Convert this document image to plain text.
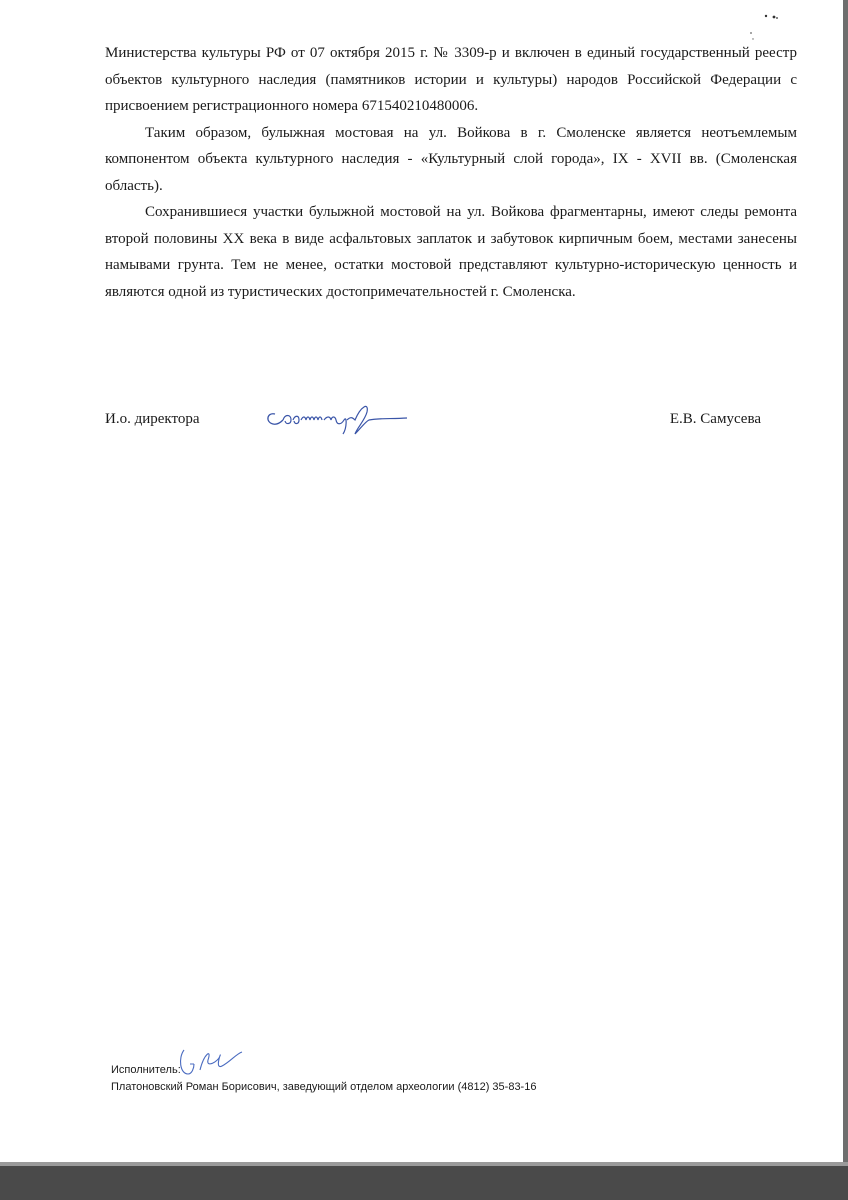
Министерства культуры РФ от 07 октября 2015 г. № 3309-р и включен в единый государственный реестр объектов культурного наследия (памятников истории и культуры) народов Российской Федерации с присвоением регистрационного номера 671540210480006.

Таким образом, булыжная мостовая на ул. Войкова в г. Смоленске является неотъемлемым компонентом объекта культурного наследия - «Культурный слой города», IX - XVII вв. (Смоленская область).

Сохранившиеся участки булыжной мостовой на ул. Войкова фрагментарны, имеют следы ремонта второй половины XX века в виде асфальтовых заплаток и забутовок кирпичным боем, местами занесены намывами грунта. Тем не менее, остатки мостовой представляют культурно-историческую ценность и являются одной из туристических достопримечательностей г. Смоленска.

И.о. директора	Е.В. Самусева
Исполнитель:
Платоновский Роман Борисович, заведующий отделом археологии (4812) 35-83-16
